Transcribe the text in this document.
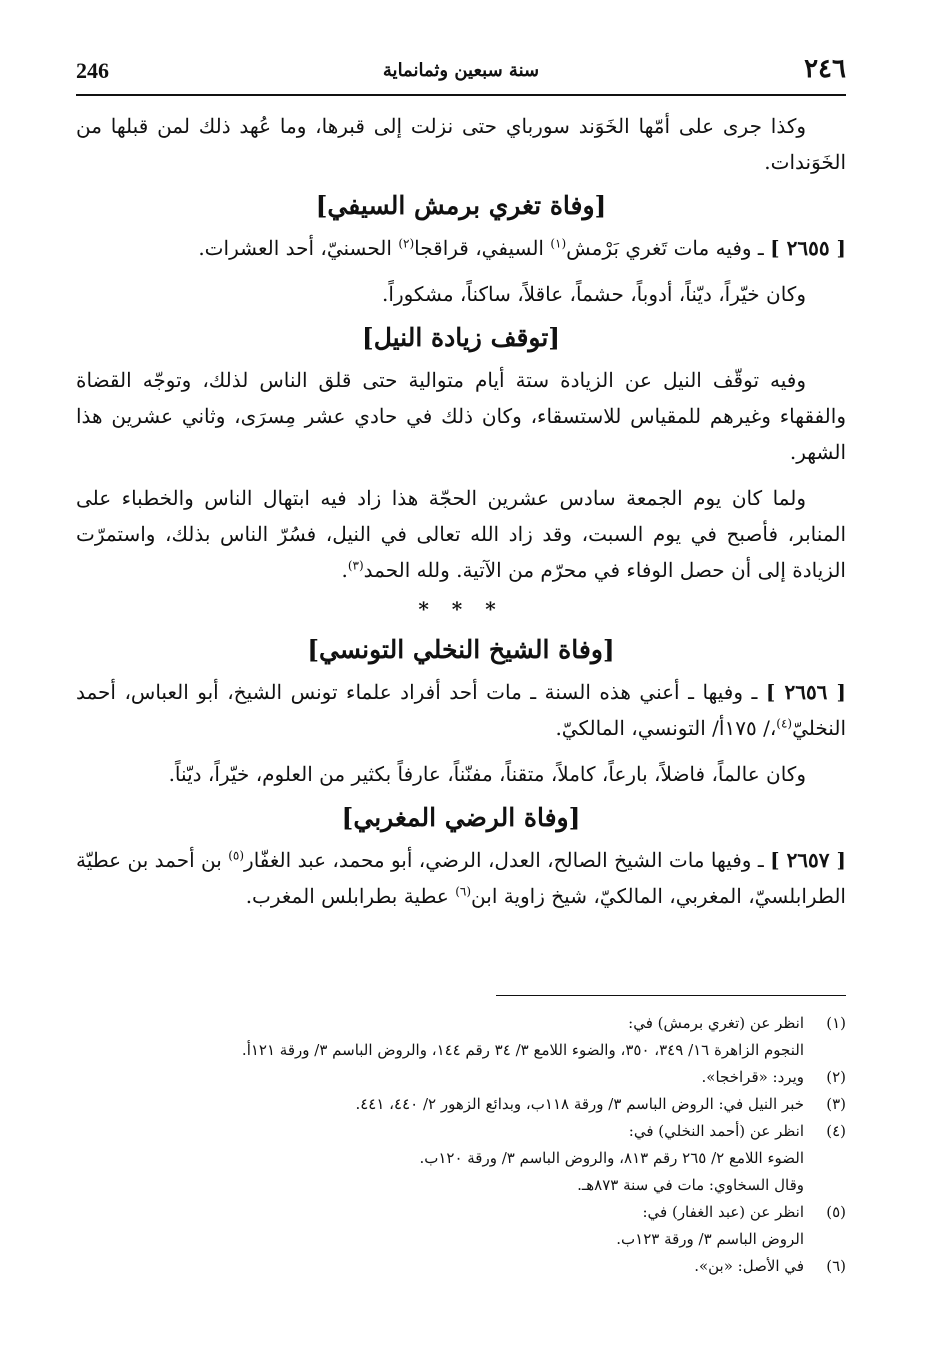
246	سنة سبعين وثمانماية	٢٤٦

وكذا جرى على أمّها الخَوَند سورباي حتى نزلت إلى قبرها، وما عُهد ذلك لمن قبلها من الخَوَندات.

[وفاة تغري برمش السيفي]

[ ٢٦٥٥ ] ـ وفيه مات تَغري بَرْمش$^{(١)}$ السيفي، قراقجا$^{(٢)}$ الحسنيّ، أحد العشرات.

وكان خيّراً، ديّناً، أدوباً، حشماً، عاقلاً، ساكناً، مشكوراً.

[توقف زيادة النيل]

وفيه توقّف النيل عن الزيادة ستة أيام متوالية حتى قلق الناس لذلك، وتوجّه القضاة والفقهاء وغيرهم للمقياس للاستسقاء، وكان ذلك في حادي عشر مِسرَى، وثاني عشرين هذا الشهر.

ولما كان يوم الجمعة سادس عشرين الحجّة هذا زاد فيه ابتهال الناس والخطباء على المنابر، فأصبح في يوم السبت، وقد زاد الله تعالى في النيل، فسُرّ الناس بذلك، واستمرّت الزيادة إلى أن حصل الوفاء في محرّم من الآتية. ولله الحمد$^{(٣)}$.

* * *
[وفاة الشيخ النخلي التونسي]

[ ٢٦٥٦ ] ـ وفيها ـ أعني هذه السنة ـ مات أحد أفراد علماء تونس الشيخ، أبو العباس، أحمد النخليّ$^{(٤)}$،/ ١٧٥أ/ التونسي، المالكيّ.

وكان عالماً، فاضلاً، بارعاً، كاملاً، متقناً، مفنّناً، عارفاً بكثير من العلوم، خيّراً، ديّناً.

[وفاة الرضي المغربي]

[ ٢٦٥٧ ] ـ وفيها مات الشيخ الصالح، العدل، الرضي، أبو محمد، عبد الغفّار$^{(٥)}$ بن أحمد بن عطيّة الطرابلسيّ، المغربي، المالكيّ، شيخ زاوية ابن$^{(٦)}$ عطية بطرابلس المغرب.

(١)
انظر عن (تغري برمش) في:
النجوم الزاهرة ١٦/ ٣٤٩، ٣٥٠، والضوء اللامع ٣/ ٣٤ رقم ١٤٤، والروض الباسم ٣/ ورقة ١٢١أ.
(٢)
ويرد: «قراخجا».
(٣)
خبر النيل في: الروض الباسم ٣/ ورقة ١١٨ب، وبدائع الزهور ٢/ ٤٤٠، ٤٤١.
(٤)
انظر عن (أحمد النخلي) في:
الضوء اللامع ٢/ ٢٦٥ رقم ٨١٣، والروض الباسم ٣/ ورقة ١٢٠ب.
وقال السخاوي: مات في سنة ٨٧٣هـ.
(٥)
انظر عن (عبد الغفار) في:
الروض الباسم ٣/ ورقة ١٢٣ب.
(٦)
في الأصل: «بن».
